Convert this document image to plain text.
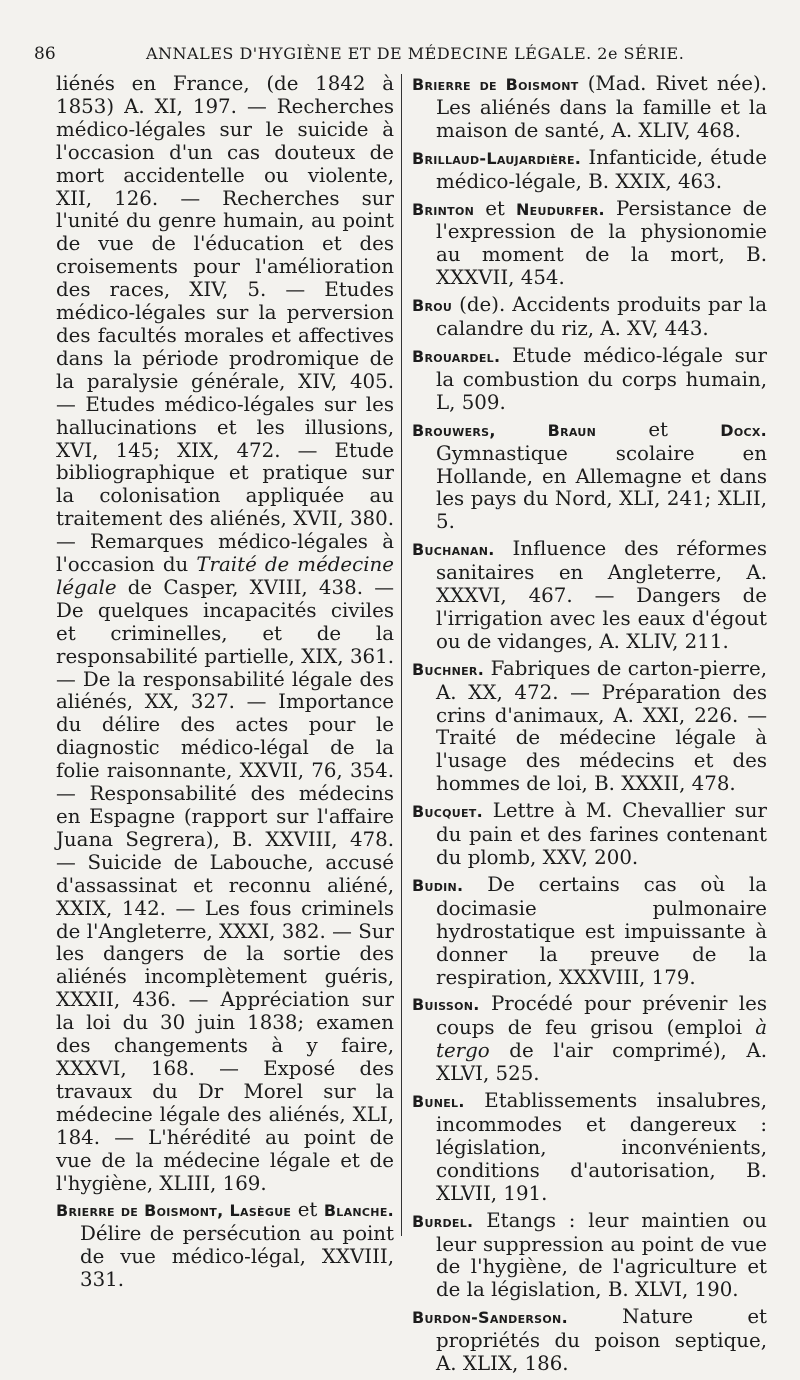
86	ANNALES D'HYGIÈNE ET DE MÉDECINE LÉGALE. 2e SÉRIE.

liénés en France, (de 1842 à 1853) A. XI, 197. — Recherches médico-légales sur le suicide à l'occasion d'un cas douteux de mort accidentelle ou violente, XII, 126. — Recherches sur l'unité du genre humain, au point de vue de l'éducation et des croisements pour l'amélioration des races, XIV, 5. — Etudes médico-légales sur la perversion des facultés morales et affectives dans la période prodromique de la paralysie générale, XIV, 405. — Etudes médico-légales sur les hallucinations et les illusions, XVI, 145; XIX, 472. — Etude bibliographique et pratique sur la colonisation appliquée au traitement des aliénés, XVII, 380. — Remarques médico-légales à l'occasion du Traité de médecine légale de Casper, XVIII, 438. — De quelques incapacités civiles et criminelles, et de la responsabilité partielle, XIX, 361. — De la responsabilité légale des aliénés, XX, 327. — Importance du délire des actes pour le diagnostic médico-légal de la folie raisonnante, XXVII, 76, 354. — Responsabilité des médecins en Espagne (rapport sur l'affaire Juana Segrera), B. XXVIII, 478. — Suicide de Labouche, accusé d'assassinat et reconnu aliéné, XXIX, 142. — Les fous criminels de l'Angleterre, XXXI, 382. — Sur les dangers de la sortie des aliénés incomplètement guéris, XXXII, 436. — Appréciation sur la loi du 30 juin 1838; examen des changements à y faire, XXXVI, 168. — Exposé des travaux du Dr Morel sur la médecine légale des aliénés, XLI, 184. — L'hérédité au point de vue de la médecine légale et de l'hygiène, XLIII, 169.

Brierre de Boismont, Lasègue et Blanche. Délire de persécution au point de vue médico-légal, XXVIII, 331.

Brierre de Boismont (Mad. Rivet née). Les aliénés dans la famille et la maison de santé, A. XLIV, 468.

Brillaud-Laujardière. Infanticide, étude médico-légale, B. XXIX, 463.

Brinton et Neudurfer. Persistance de l'expression de la physionomie au moment de la mort, B. XXXVII, 454.

Brou (de). Accidents produits par la calandre du riz, A. XV, 443.

Brouardel. Etude médico-légale sur la combustion du corps humain, L, 509.

Brouwers, Braun et Docx. Gymnastique scolaire en Hollande, en Allemagne et dans les pays du Nord, XLI, 241; XLII, 5.

Buchanan. Influence des réformes sanitaires en Angleterre, A. XXXVI, 467. — Dangers de l'irrigation avec les eaux d'égout ou de vidanges, A. XLIV, 211.

Buchner. Fabriques de carton-pierre, A. XX, 472. — Préparation des crins d'animaux, A. XXI, 226. — Traité de médecine légale à l'usage des médecins et des hommes de loi, B. XXXII, 478.

Bucquet. Lettre à M. Chevallier sur du pain et des farines contenant du plomb, XXV, 200.

Budin. De certains cas où la docimasie pulmonaire hydrostatique est impuissante à donner la preuve de la respiration, XXXVIII, 179.

Buisson. Procédé pour prévenir les coups de feu grisou (emploi à tergo de l'air comprimé), A. XLVI, 525.

Bunel. Etablissements insalubres, incommodes et dangereux : législation, inconvénients, conditions d'autorisation, B. XLVII, 191.

Burdel. Etangs : leur maintien ou leur suppression au point de vue de l'hygiène, de l'agriculture et de la législation, B. XLVI, 190.

Burdon-Sanderson.	Nature et propriétés du poison septique, A. XLIX, 186.
